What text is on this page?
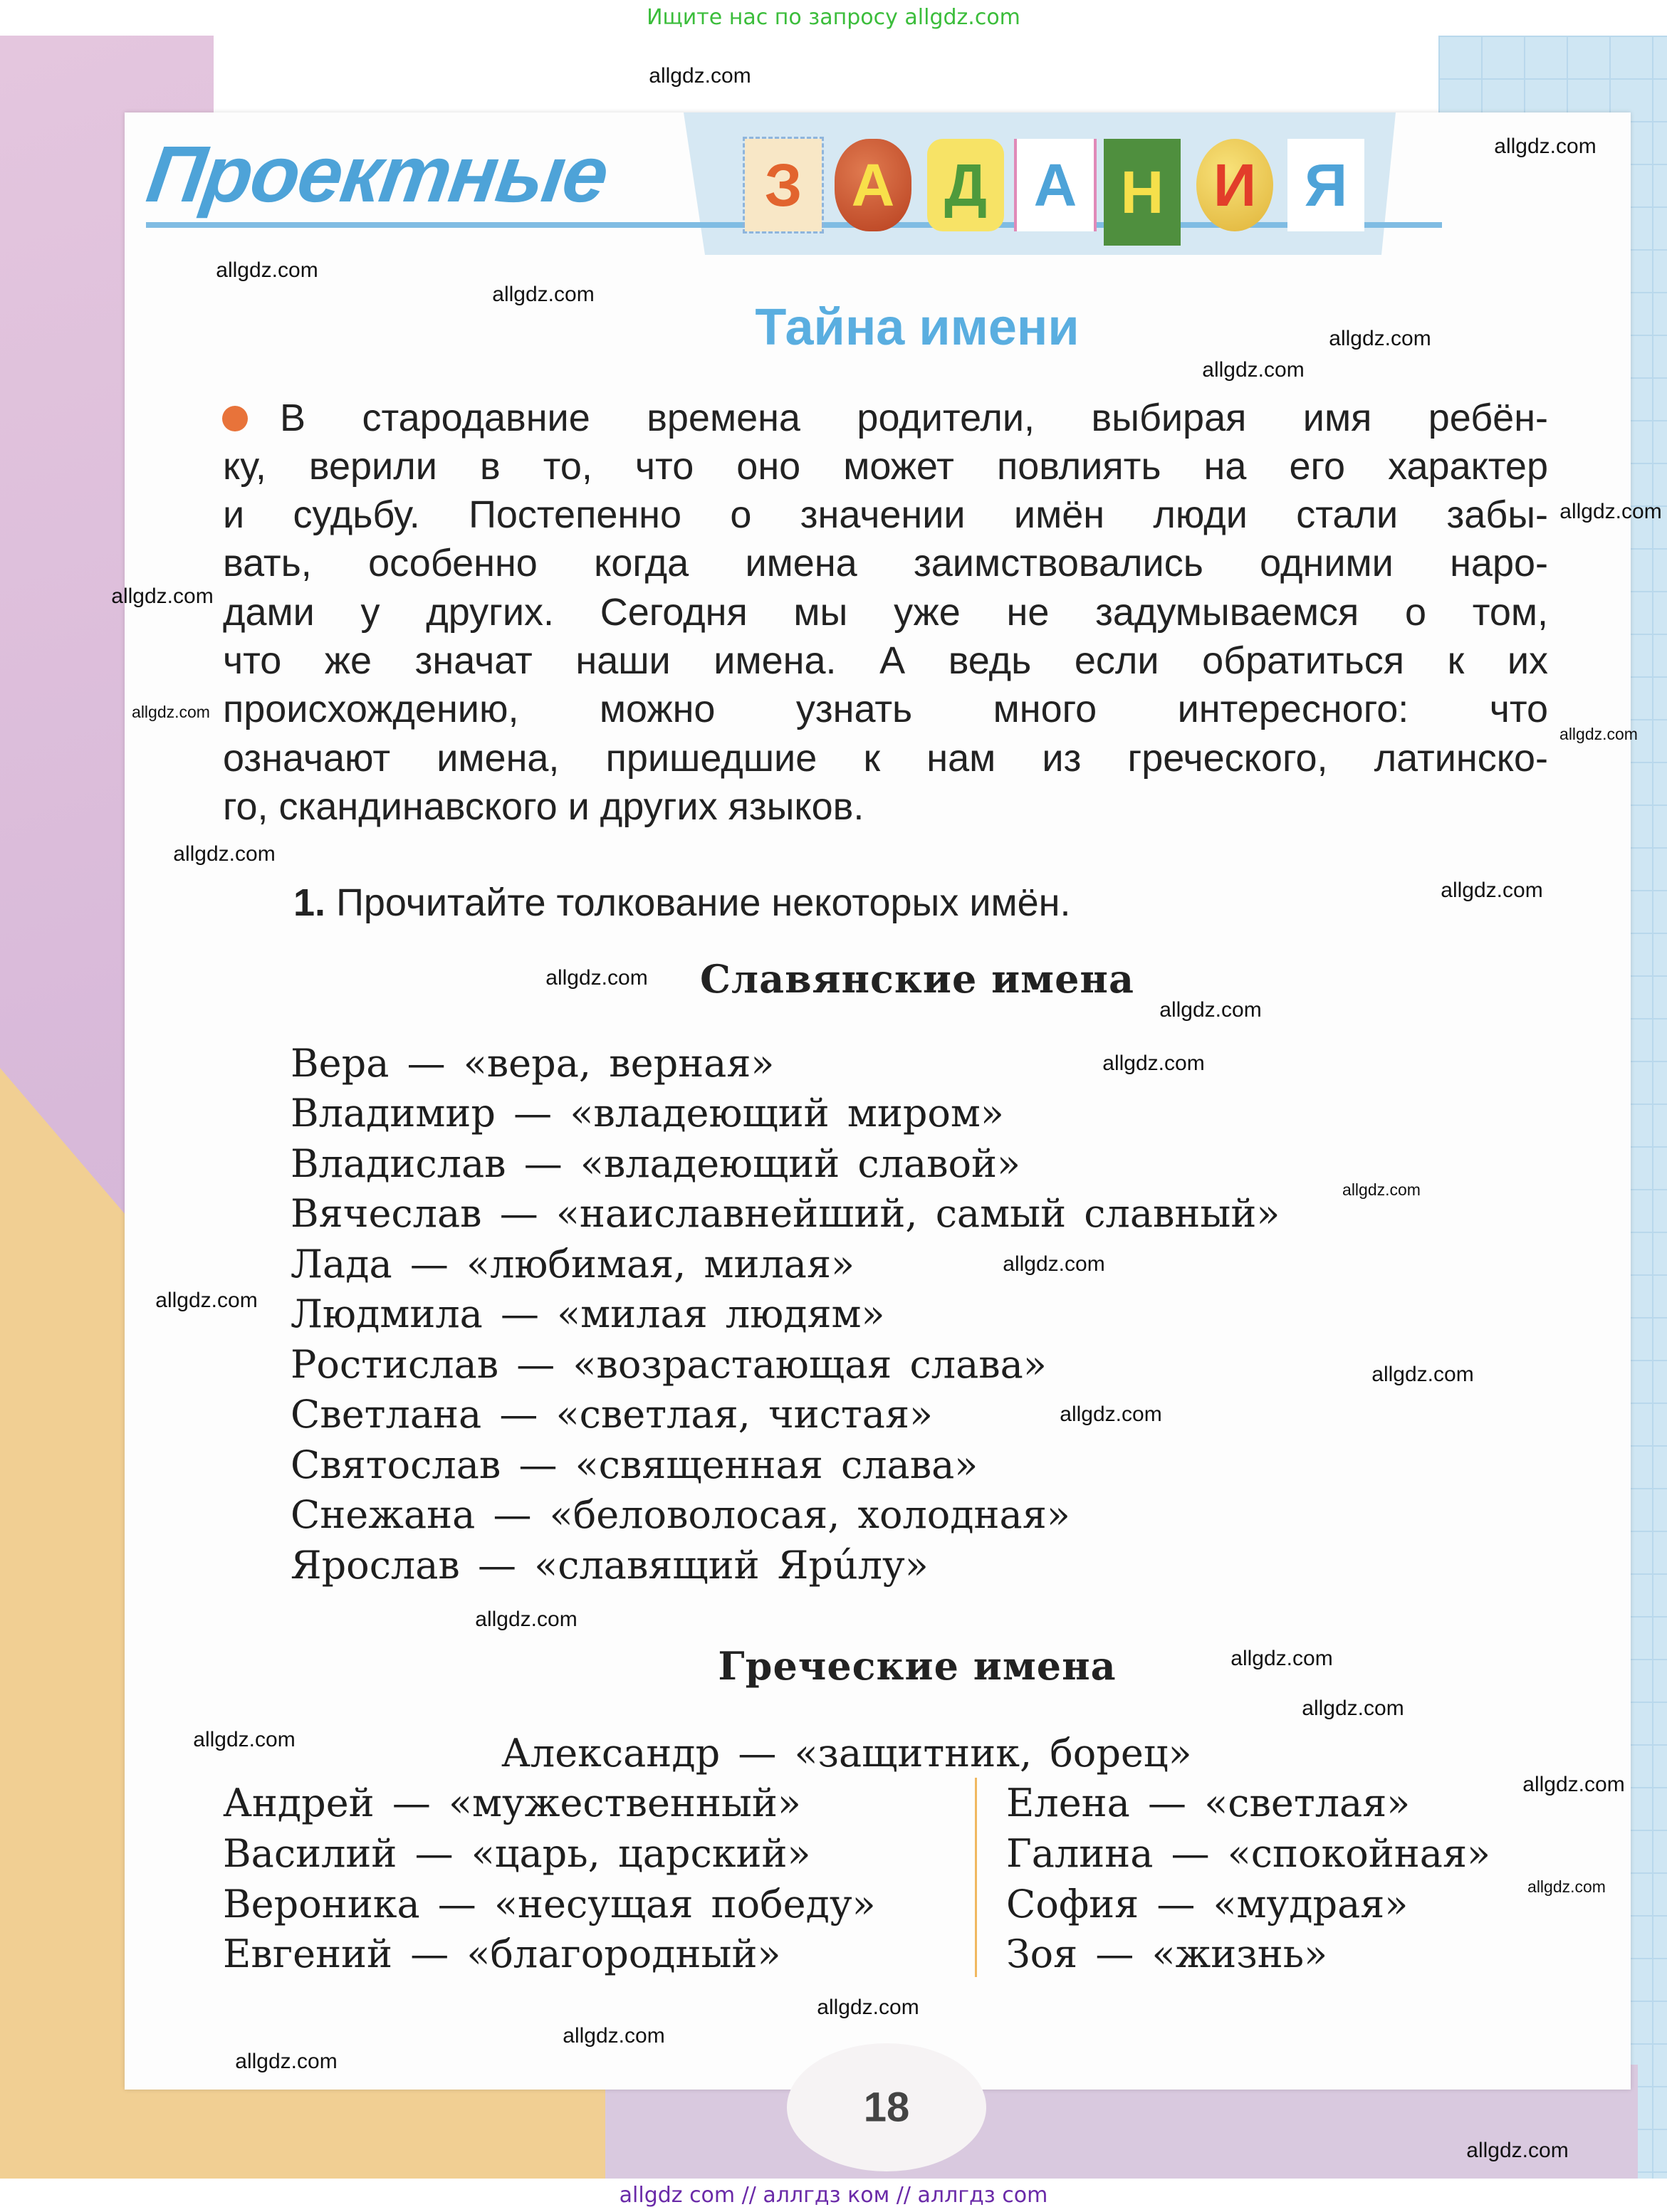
Ищите нас по запросу allgdz.com
Проектные	З А Д А Н И Я
Тайна имени
В стародавние времена родители, выбирая имя ребён-
ку, верили в то, что оно может повлиять на его характер
и судьбу. Постепенно о значении имён люди стали забы-
вать, особенно когда имена заимствовались одними наро-
дами у других. Сегодня мы уже не задумываемся о том,
что же значат наши имена. А ведь если обратиться к их
происхождению, можно узнать много интересного: что
означают имена, пришедшие к нам из греческого, латинско-
го, скандинавского и других языков.
1. Прочитайте толкование некоторых имён.
Славянские имена
Вера — «вера, верная»
Владимир — «владеющий миром»
Владислав — «владеющий славой»
Вячеслав — «наиславнейший, самый славный»
Лада — «любимая, милая»
Людмила — «милая людям»
Ростислав — «возрастающая слава»
Светлана — «светлая, чистая»
Святослав — «священная слава»
Снежана — «беловолосая, холодная»
Ярослав — «славящий Ярúлу»
Греческие имена
Александр — «защитник, борец»
Андрей — «мужественный»
Василий — «царь, царский»
Вероника — «несущая победу»
Евгений — «благородный»
Елена — «светлая»
Галина — «спокойная»
София — «мудрая»
Зоя — «жизнь»
18
allgdz.com
allgdz.com
allgdz.com
allgdz.com
allgdz.com
allgdz.com
allgdz.com
allgdz.com
allgdz.com
allgdz.com
allgdz.com
allgdz.com
allgdz.com
allgdz.com
allgdz.com
allgdz.com
allgdz.com
allgdz.com
allgdz.com
allgdz.com
allgdz.com
allgdz.com
allgdz.com
allgdz.com
allgdz.com
allgdz.com
allgdz.com
allgdz.com
allgdz.com
allgdz.com
allgdz com // аллгдз ком // аллгдз com
